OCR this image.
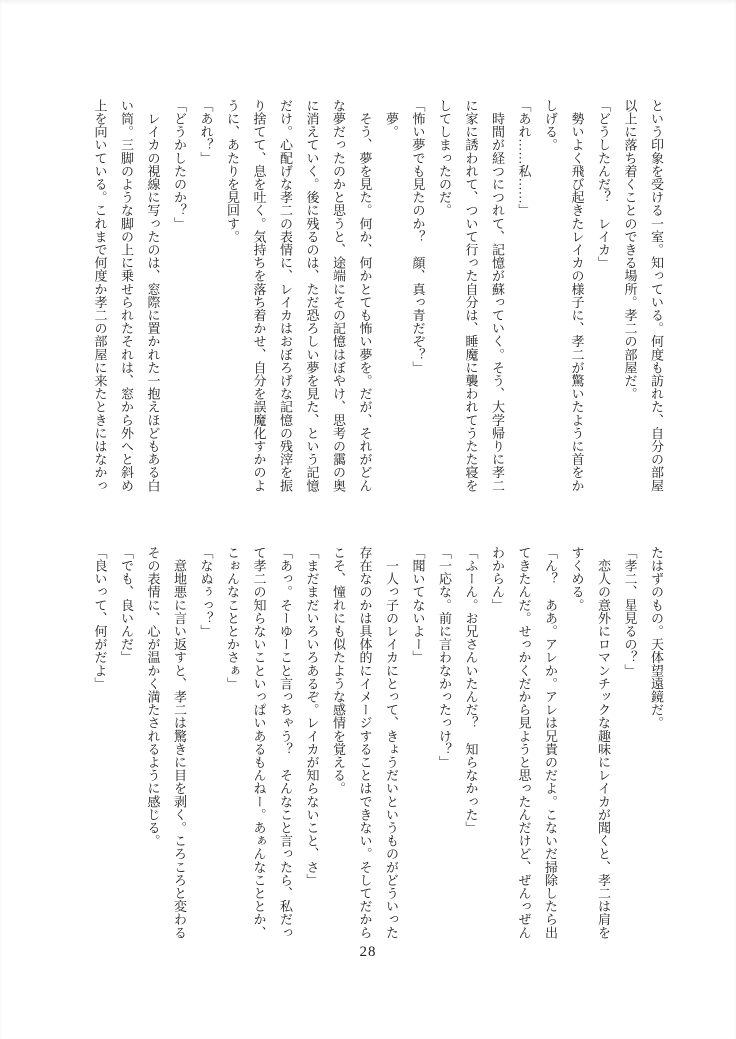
という印象を受ける一室。知っている。何度も訪れた、自分の部屋
以上に落ち着くことのできる場所。孝二の部屋だ。
「どうしたんだ？　レイカ」
　勢いよく飛び起きたレイカの様子に、孝二が驚いたように首をか
しげる。
「あれ……私……」
　時間が経つにつれて、記憶が蘇っていく。そう、大学帰りに孝二
に家に誘われて、ついて行った自分は、睡魔に襲われてうたた寝を
してしまったのだ。
「怖い夢でも見たのか？　顔、真っ青だぞ？」
　夢。
　そう、夢を見た。何か、何かとても怖い夢を。だが、それがどん
な夢だったのかと思うと、途端にその記憶はぼやけ、思考の靄の奥
に消えていく。後に残るのは、ただ恐ろしい夢を見た、という記憶
だけ。心配げな孝二の表情に、レイカはおぼろげな記憶の残滓を振
り捨てて、息を吐く。気持ちを落ち着かせ、自分を誤魔化すかのよ
うに、あたりを見回す。
「あれ？」
「どうかしたのか？」
　レイカの視線に写ったのは、窓際に置かれた一抱えほどもある白
い筒。三脚のような脚の上に乗せられたそれは、窓から外へと斜め
上を向いている。これまで何度か孝二の部屋に来たときにはなかっ
たはずのもの。天体望遠鏡だ。
「孝二、星見るの？」
　恋人の意外にロマンチックな趣味にレイカが聞くと、孝二は肩を
すくめる。
「ん？　ああ。アレか。アレは兄貴のだよ。こないだ掃除したら出
てきたんだ。せっかくだから見ようと思ったんだけど、ぜんっぜん
わからん」
「ふーん。お兄さんいたんだ？　知らなかった」
「一応な。前に言わなかったっけ？」
「聞いてないよー」
　一人っ子のレイカにとって、きょうだいというものがどういった
存在なのかは具体的にイメージすることはできない。そしてだから
こそ、憧れにも似たような感情を覚える。
「まだまだいろいろあるぞ。レイカが知らないこと、さ」
「あっ。そーゆーこと言っちゃう？　そんなこと言ったら、私だっ
て孝二の知らないこといっぱいあるもんねー。あぁんなこととか、
こぉんなこととかさぁ」
「なぬぅっ？」
　意地悪に言い返すと、孝二は驚きに目を剥く。ころころと変わる
その表情に、心が温かく満たされるように感じる。
「でも、良いんだ」
「良いって、何がだよ」
28
